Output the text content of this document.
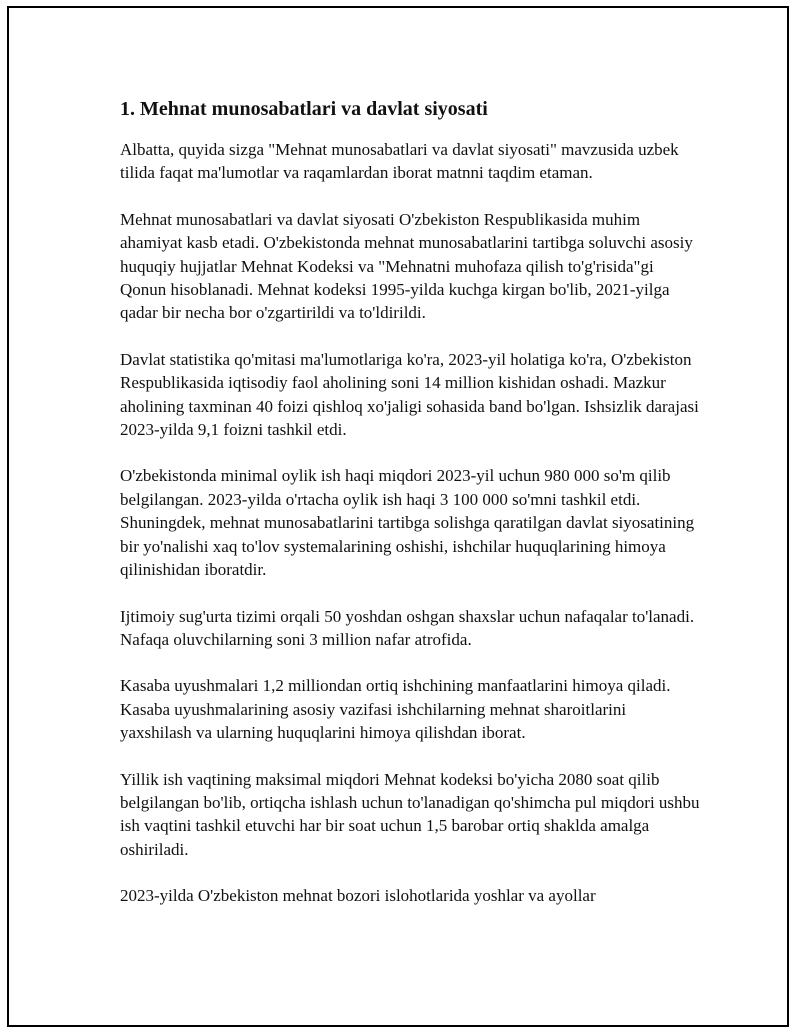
1. Mehnat munosabatlari va davlat siyosati

Albatta, quyida sizga "Mehnat munosabatlari va davlat siyosati" mavzusida uzbek tilida faqat ma'lumotlar va raqamlardan iborat matnni taqdim etaman.

Mehnat munosabatlari va davlat siyosati O'zbekiston Respublikasida muhim ahamiyat kasb etadi. O'zbekistonda mehnat munosabatlarini tartibga soluvchi asosiy huquqiy hujjatlar Mehnat Kodeksi va "Mehnatni muhofaza qilish to'g'risida"gi Qonun hisoblanadi. Mehnat kodeksi 1995-yilda kuchga kirgan bo'lib, 2021-yilga qadar bir necha bor o'zgartirildi va to'ldirildi.

Davlat statistika qo'mitasi ma'lumotlariga ko'ra, 2023-yil holatiga ko'ra, O'zbekiston Respublikasida iqtisodiy faol aholining soni 14 million kishidan oshadi. Mazkur aholining taxminan 40 foizi qishloq xo'jaligi sohasida band bo'lgan. Ishsizlik darajasi 2023-yilda 9,1 foizni tashkil etdi.

O'zbekistonda minimal oylik ish haqi miqdori 2023-yil uchun 980 000 so'm qilib belgilangan. 2023-yilda o'rtacha oylik ish haqi 3 100 000 so'mni tashkil etdi. Shuningdek, mehnat munosabatlarini tartibga solishga qaratilgan davlat siyosatining bir yo'nalishi xaq to'lov systemalarining oshishi, ishchilar huquqlarining himoya qilinishidan iboratdir.

Ijtimoiy sug'urta tizimi orqali 50 yoshdan oshgan shaxslar uchun nafaqalar to'lanadi. Nafaqa oluvchilarning soni 3 million nafar atrofida.

Kasaba uyushmalari 1,2 milliondan ortiq ishchining manfaatlarini himoya qiladi. Kasaba uyushmalarining asosiy vazifasi ishchilarning mehnat sharoitlarini yaxshilash va ularning huquqlarini himoya qilishdan iborat.

Yillik ish vaqtining maksimal miqdori Mehnat kodeksi bo'yicha 2080 soat qilib belgilangan bo'lib, ortiqcha ishlash uchun to'lanadigan qo'shimcha pul miqdori ushbu ish vaqtini tashkil etuvchi har bir soat uchun 1,5 barobar ortiq shaklda amalga oshiriladi.

2023-yilda O'zbekiston mehnat bozori islohotlarida yoshlar va ayollar
